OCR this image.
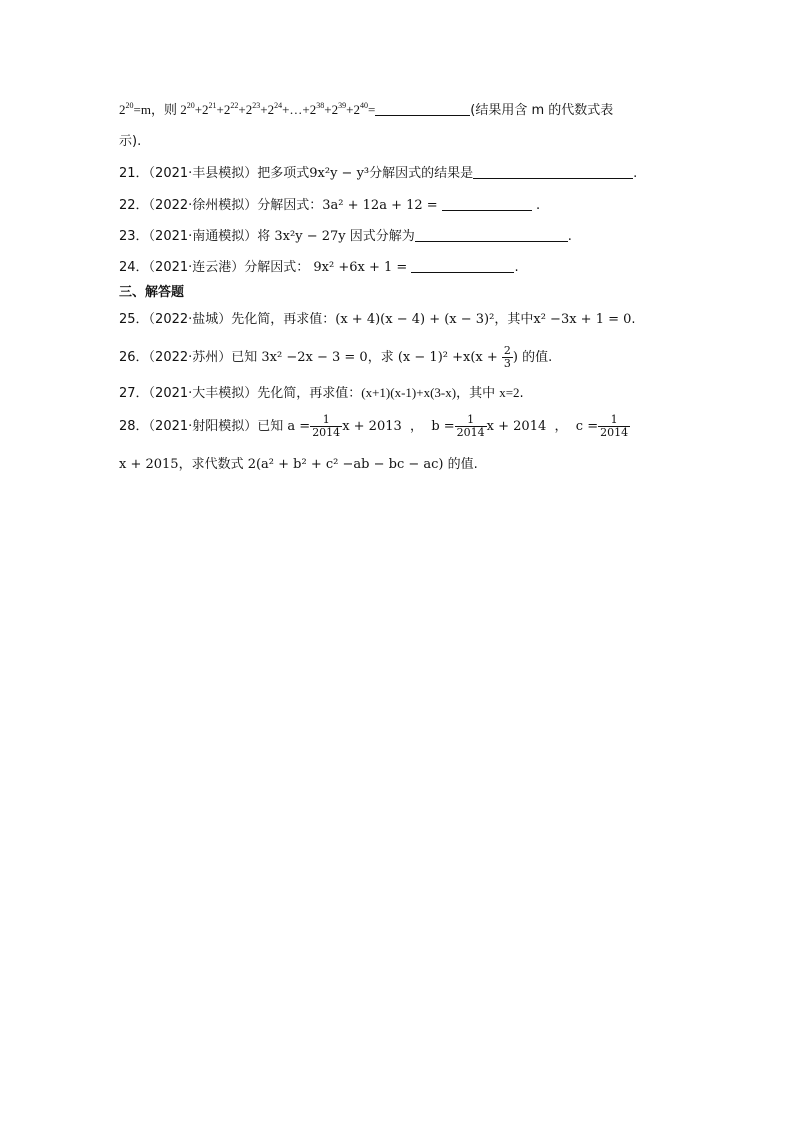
$2^{20}=m$，则 $2^{20}+2^{21}+2^{22}+2^{23}+2^{24}+\dots+2^{38}+2^{39}+2^{40}=$	(结果用含 m 的代数式表
示).
21．（2021·丰县模拟）把多项式9x²y − y³分解因式的结果是	.
22．（2022·徐州模拟）分解因式：3a² + 12a + 12 =	.
23．（2021·南通模拟）将 3x²y − 27y 因式分解为	.
24．（2021·连云港）分解因式： 9x² +6x + 1 =	.
三、解答题
25．（2022·盐城）先化简，再求值：(x + 4)(x − 4) + (x − 3)²，其中x² −3x + 1 = 0.
26．（2022·苏州）已知 3x² −2x − 3 = 0，求 $(x - 1)^2 +x(x + \frac{2}{3}$ ) 的值.
27．（2021·大丰模拟）先化简，再求值：(x+1)(x-1)+x(3-x)，其中 x=2.
28．（2021·射阳模拟）已知 $a = \frac{1}{2014}$ x + 2013 ， $b = \frac{1}{2014}$ x + 2014 ， $c = \frac{1}{2014}$
x + 2015，求代数式 2(a² + b² + c² −ab − bc − ac) 的值.
